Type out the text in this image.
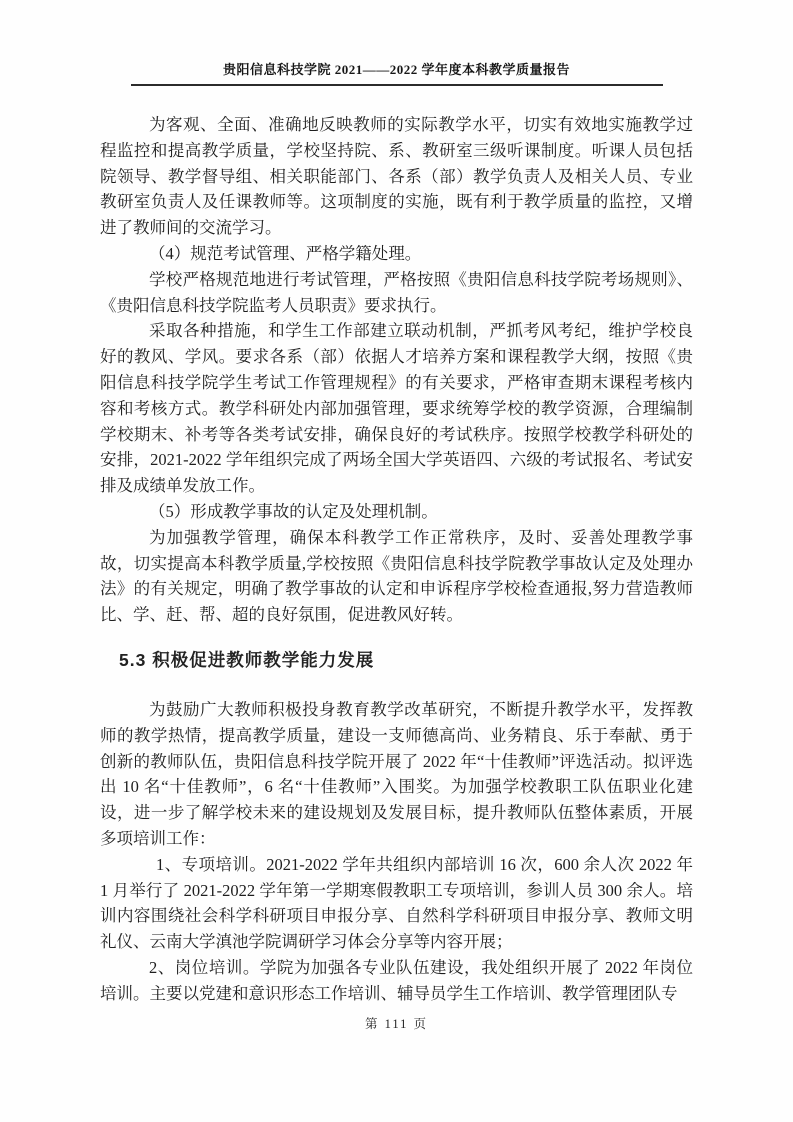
贵阳信息科技学院 2021——2022 学年度本科教学质量报告

为客观、全面、准确地反映教师的实际教学水平，切实有效地实施教学过程监控和提高教学质量，学校坚持院、系、教研室三级听课制度。听课人员包括院领导、教学督导组、相关职能部门、各系（部）教学负责人及相关人员、专业教研室负责人及任课教师等。这项制度的实施，既有利于教学质量的监控，又增进了教师间的交流学习。

（4）规范考试管理、严格学籍处理。

学校严格规范地进行考试管理，严格按照《贵阳信息科技学院考场规则》、《贵阳信息科技学院监考人员职责》要求执行。

采取各种措施，和学生工作部建立联动机制，严抓考风考纪，维护学校良好的教风、学风。要求各系（部）依据人才培养方案和课程教学大纲，按照《贵阳信息科技学院学生考试工作管理规程》的有关要求，严格审查期末课程考核内容和考核方式。教学科研处内部加强管理，要求统筹学校的教学资源，合理编制学校期末、补考等各类考试安排，确保良好的考试秩序。按照学校教学科研处的安排，2021-2022 学年组织完成了两场全国大学英语四、六级的考试报名、考试安排及成绩单发放工作。

（5）形成教学事故的认定及处理机制。

为加强教学管理，确保本科教学工作正常秩序，及时、妥善处理教学事故，切实提高本科教学质量,学校按照《贵阳信息科技学院教学事故认定及处理办法》的有关规定，明确了教学事故的认定和申诉程序学校检查通报,努力营造教师比、学、赶、帮、超的良好氛围，促进教风好转。

5.3 积极促进教师教学能力发展

为鼓励广大教师积极投身教育教学改革研究，不断提升教学水平，发挥教师的教学热情，提高教学质量，建设一支师德高尚、业务精良、乐于奉献、勇于创新的教师队伍，贵阳信息科技学院开展了 2022 年“十佳教师”评选活动。拟评选出 10 名“十佳教师”，6 名“十佳教师”入围奖。为加强学校教职工队伍职业化建设，进一步了解学校未来的建设规划及发展目标，提升教师队伍整体素质，开展多项培训工作：

1、专项培训。2021-2022 学年共组织内部培训 16 次，600 余人次 2022 年 1 月举行了 2021-2022 学年第一学期寒假教职工专项培训，参训人员 300 余人。培训内容围绕社会科学科研项目申报分享、自然科学科研项目申报分享、教师文明礼仪、云南大学滇池学院调研学习体会分享等内容开展；

2、岗位培训。学院为加强各专业队伍建设，我处组织开展了 2022 年岗位培训。主要以党建和意识形态工作培训、辅导员学生工作培训、教学管理团队专

第 111 页
